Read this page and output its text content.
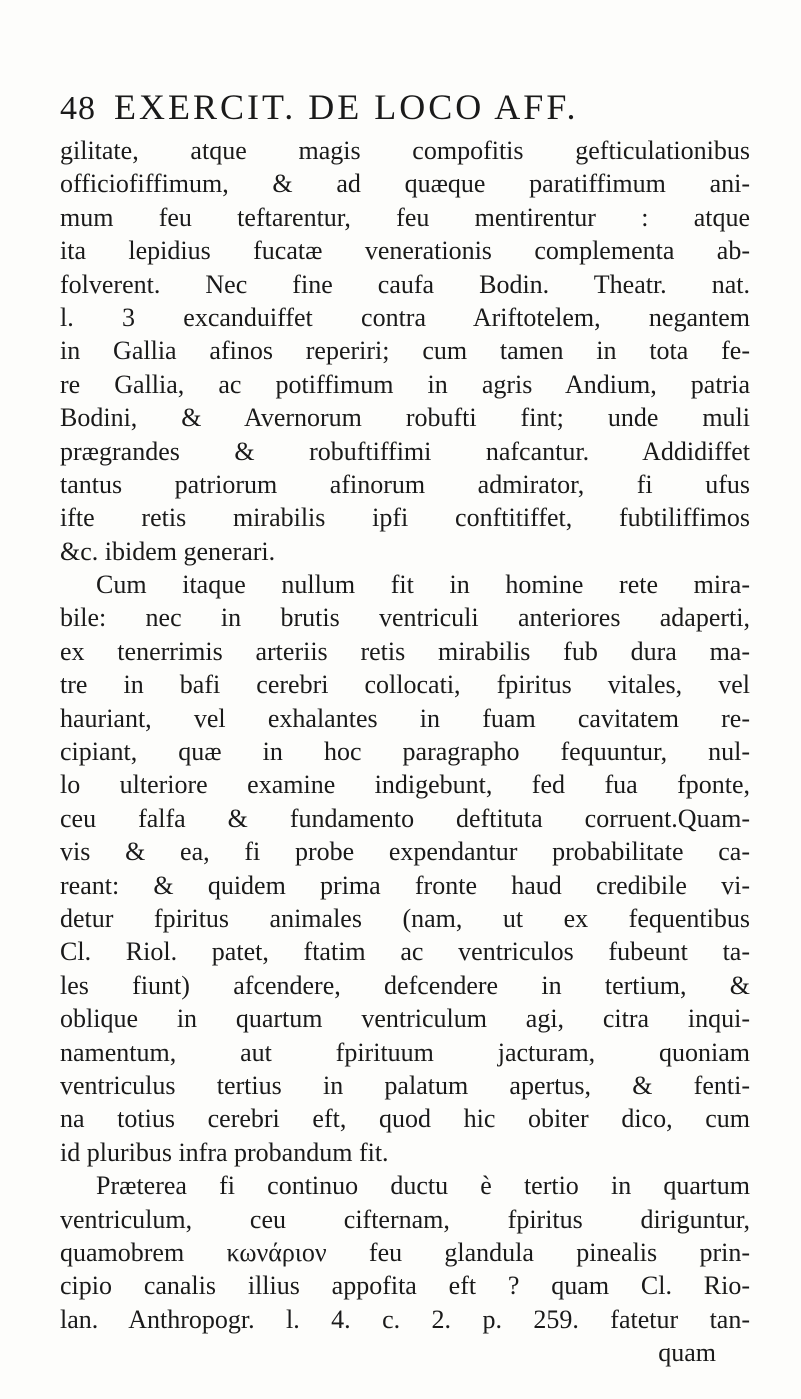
48 EXERCIT. DE LOCO AFF.
gilitate, atque magis compofitis gefticulationibus
officiofiffimum, & ad quæque paratiffimum ani-
mum feu teftarentur, feu mentirentur : atque
ita lepidius fucatæ venerationis complementa ab-
folverent. Nec fine caufa Bodin. Theatr. nat.
l. 3 excanduiffet contra Ariftotelem, negantem
in Gallia afinos reperiri; cum tamen in tota fe-
re Gallia, ac potiffimum in agris Andium, patria
Bodini, & Avernorum robufti fint; unde muli
prægrandes & robuftiffimi nafcantur. Addidiffet
tantus patriorum afinorum admirator, fi ufus
ifte retis mirabilis ipfi conftitiffet, fubtiliffimos
&c. ibidem generari.
Cum itaque nullum fit in homine rete mira-
bile: nec in brutis ventriculi anteriores adaperti,
ex tenerrimis arteriis retis mirabilis fub dura ma-
tre in bafi cerebri collocati, fpiritus vitales, vel
hauriant, vel exhalantes in fuam cavitatem re-
cipiant, quæ in hoc paragrapho fequuntur, nul-
lo ulteriore examine indigebunt, fed fua fponte,
ceu falfa & fundamento deftituta corruent.Quam-
vis & ea, fi probe expendantur probabilitate ca-
reant: & quidem prima fronte haud credibile vi-
detur fpiritus animales (nam, ut ex fequentibus
Cl. Riol. patet, ftatim ac ventriculos fubeunt ta-
les fiunt) afcendere, defcendere in tertium, &
oblique in quartum ventriculum agi, citra inqui-
namentum, aut fpirituum jacturam, quoniam
ventriculus tertius in palatum apertus, & fenti-
na totius cerebri eft, quod hic obiter dico, cum
id pluribus infra probandum fit.
Præterea fi continuo ductu è tertio in quartum
ventriculum, ceu cifternam, fpiritus diriguntur,
quamobrem κωνάριον feu glandula pinealis prin-
cipio canalis illius appofita eft ? quam Cl. Rio-
lan. Anthropogr. l. 4. c. 2. p. 259. fatetur tan-
quam
